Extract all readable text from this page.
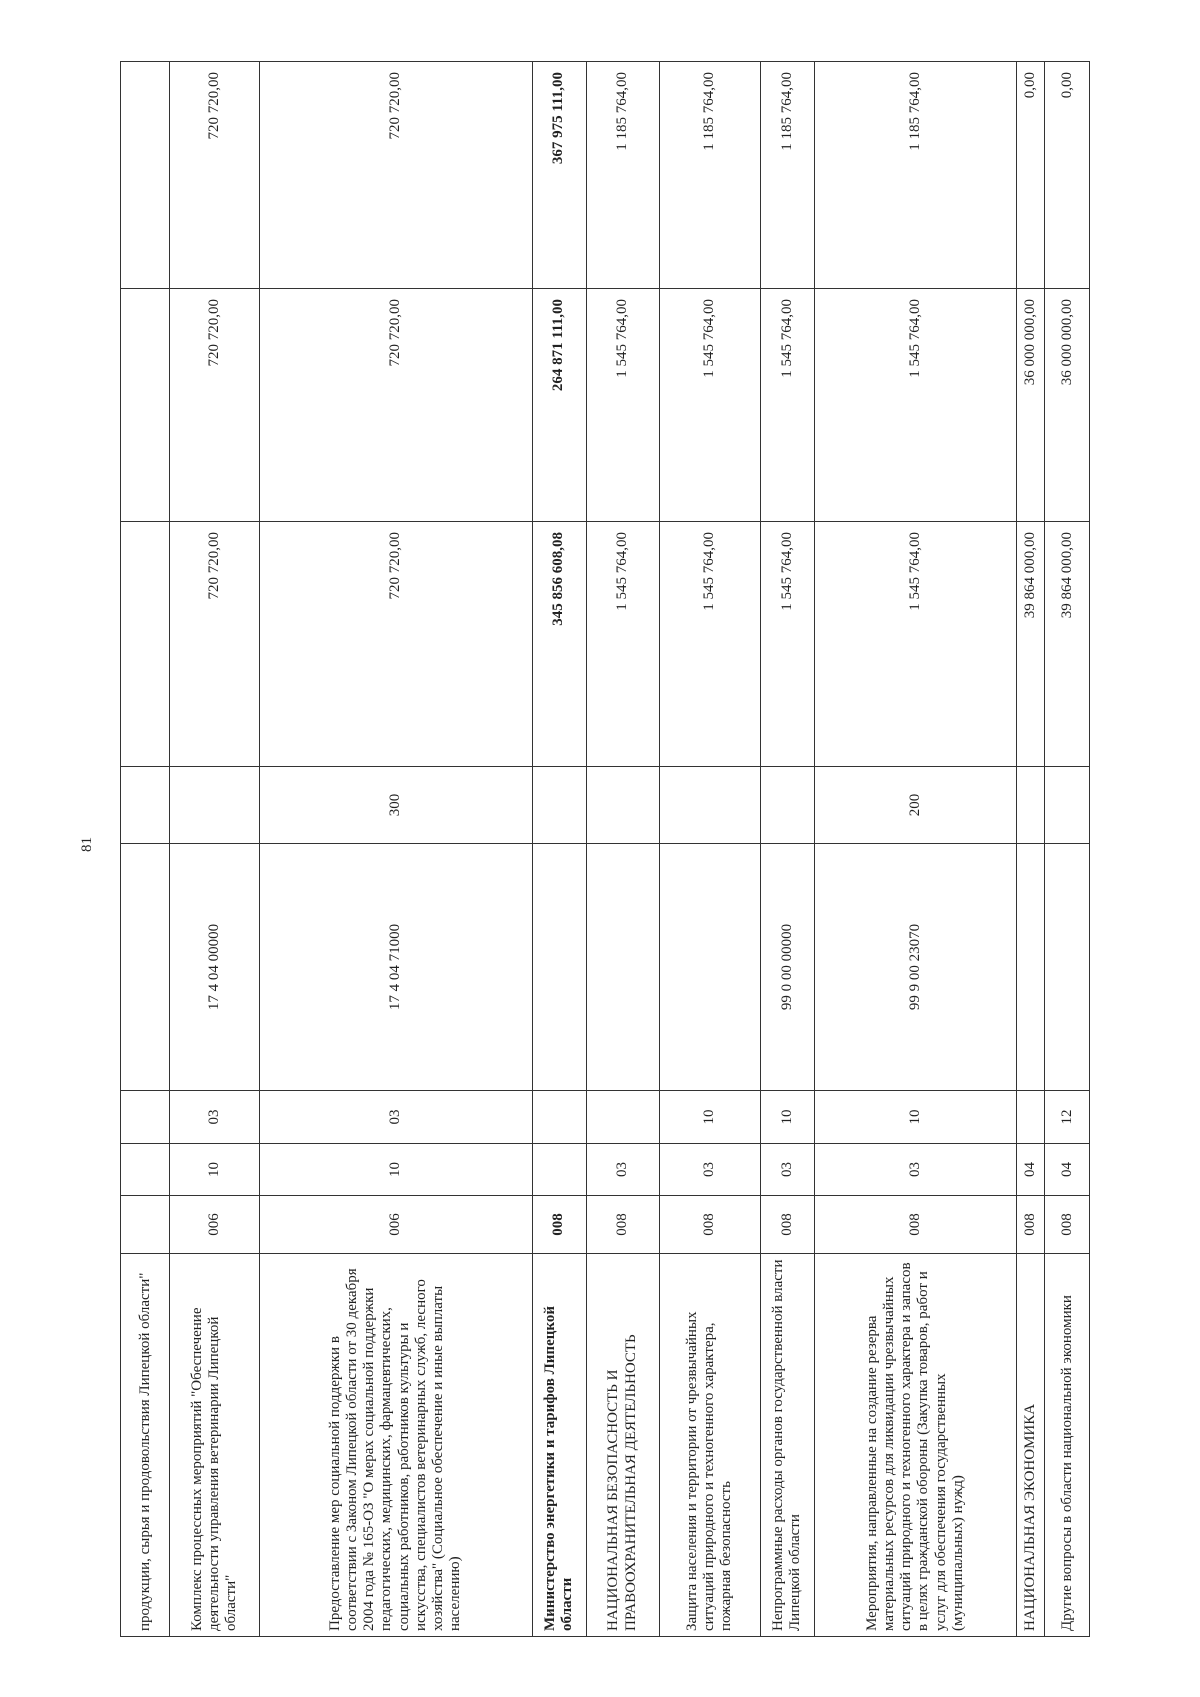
81
продукции, сырья и продовольствия Липецкой области"								
Комплекс процессных мероприятий "Обеспечение деятельности управления ветеринарии Липецкой области"	006	10	03	17 4 04 00000		720 720,00	720 720,00	720 720,00
Предоставление мер социальной поддержки в соответствии с Законом Липецкой области от 30 декабря 2004 года № 165-ОЗ "О мерах социальной поддержки педагогических, медицинских, фармацевтических, социальных работников, работников культуры и искусства, специалистов ветеринарных служб, лесного хозяйства" (Социальное обеспечение и иные выплаты населению)	006	10	03	17 4 04 71000	300	720 720,00	720 720,00	720 720,00
Министерство энергетики и тарифов Липецкой области	008					345 856 608,08	264 871 111,00	367 975 111,00
НАЦИОНАЛЬНАЯ БЕЗОПАСНОСТЬ И ПРАВООХРАНИТЕЛЬНАЯ ДЕЯТЕЛЬНОСТЬ	008	03				1 545 764,00	1 545 764,00	1 185 764,00
Защита населения и территории от чрезвычайных ситуаций природного и техногенного характера, пожарная безопасность	008	03	10			1 545 764,00	1 545 764,00	1 185 764,00
Непрограммные расходы органов государственной власти Липецкой области	008	03	10	99 0 00 00000		1 545 764,00	1 545 764,00	1 185 764,00
Мероприятия, направленные на создание резерва материальных ресурсов для ликвидации чрезвычайных ситуаций природного и техногенного характера и запасов в целях гражданской обороны (Закупка товаров, работ и услуг для обеспечения государственных (муниципальных) нужд)	008	03	10	99 9 00 23070	200	1 545 764,00	1 545 764,00	1 185 764,00
НАЦИОНАЛЬНАЯ ЭКОНОМИКА	008	04				39 864 000,00	36 000 000,00	0,00
Другие вопросы в области национальной экономики	008	04	12			39 864 000,00	36 000 000,00	0,00
